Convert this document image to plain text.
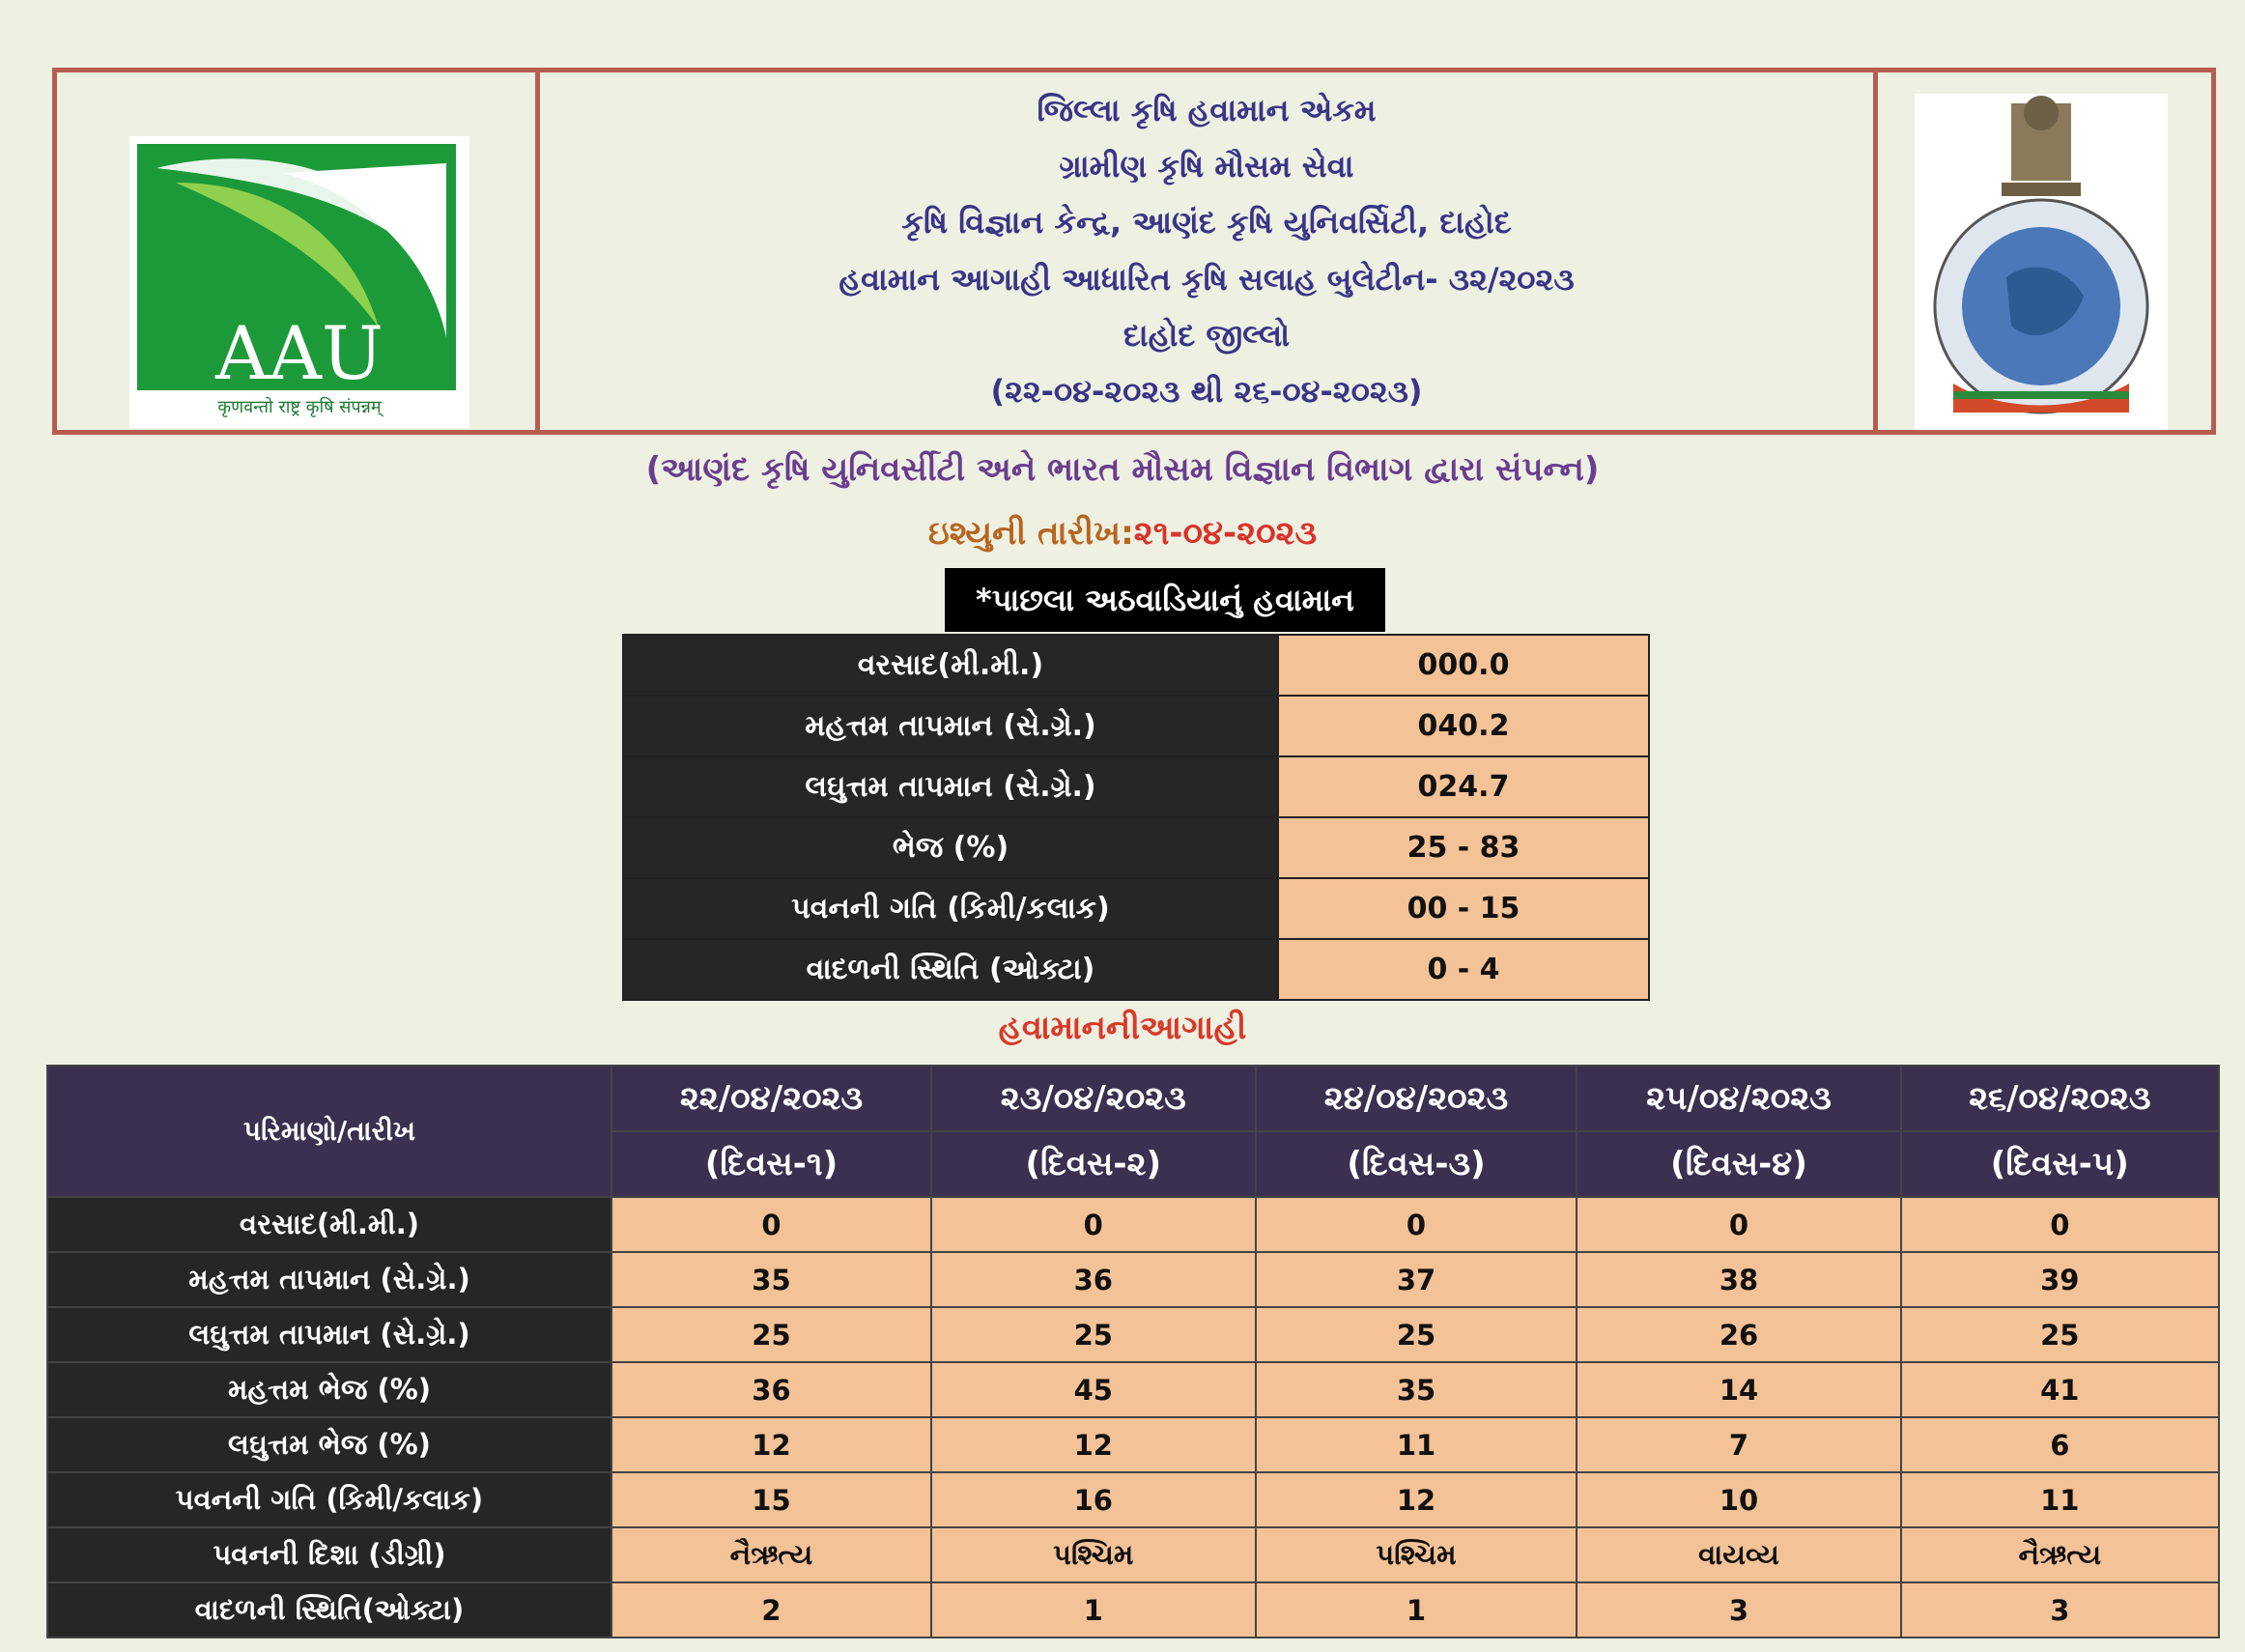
AAU
कृणवन्तो राष्ट्र कृषि संपन्नम्
જિલ્લા કૃષિ હવામાન એકમ
ગ્રામીણ કૃષિ મૌસમ સેવા
કૃષિ વિજ્ઞાન કેન્દ્ર, આણંદ કૃષિ યુનિવર્સિટી, દાહોદ
હવામાન આગાહી આધારિત કૃષિ સલાહ બુલેટીન- ૩૨/૨૦૨૩
દાહોદ જીલ્લો
(૨૨-૦૪-૨૦૨૩ થી ૨૬-૦૪-૨૦૨૩)
(આણંદ કૃષિ યુનિવર્સીટી અને ભારત મૌસમ વિજ્ઞાન વિભાગ દ્વારા સંપન્ન)
ઇશ્યુની તારીખ:૨૧-૦૪-૨૦૨૩
*પાછલા અઠવાડિયાનું હવામાન
વરસાદ(મી.મી.)	000.0
મહત્તમ તાપમાન (સે.ગ્રે.)	040.2
લઘુત્તમ તાપમાન (સે.ગ્રે.)	024.7
ભેજ (%)	25 - 83
પવનની ગતિ (કિમી/કલાક)	00 - 15
વાદળની સ્થિતિ (ઓક્ટા)	0 - 4
હવામાનનીઆગાહી
પરિમાણો/તારીખ	૨૨/૦૪/૨૦૨૩	૨૩/૦૪/૨૦૨૩	૨૪/૦૪/૨૦૨૩	૨૫/૦૪/૨૦૨૩	૨૬/૦૪/૨૦૨૩
	(દિવસ-૧)	(દિવસ-૨)	(દિવસ-૩)	(દિવસ-૪)	(દિવસ-૫)
વરસાદ(મી.મી.)	0	0	0	0	0
મહત્તમ તાપમાન (સે.ગ્રે.)	35	36	37	38	39
લઘુત્તમ તાપમાન (સે.ગ્રે.)	25	25	25	26	25
મહત્તમ ભેજ (%)	36	45	35	14	41
લઘુત્તમ ભેજ (%)	12	12	11	7	6
પવનની ગતિ (કિમી/કલાક)	15	16	12	10	11
પવનની દિશા (ડીગ્રી)	નૈઋત્ય	પશ્ચિમ	પશ્ચિમ	વાયવ્ય	નૈઋત્ય
વાદળની સ્થિતિ(ઓક્ટા)	2	1	1	3	3
